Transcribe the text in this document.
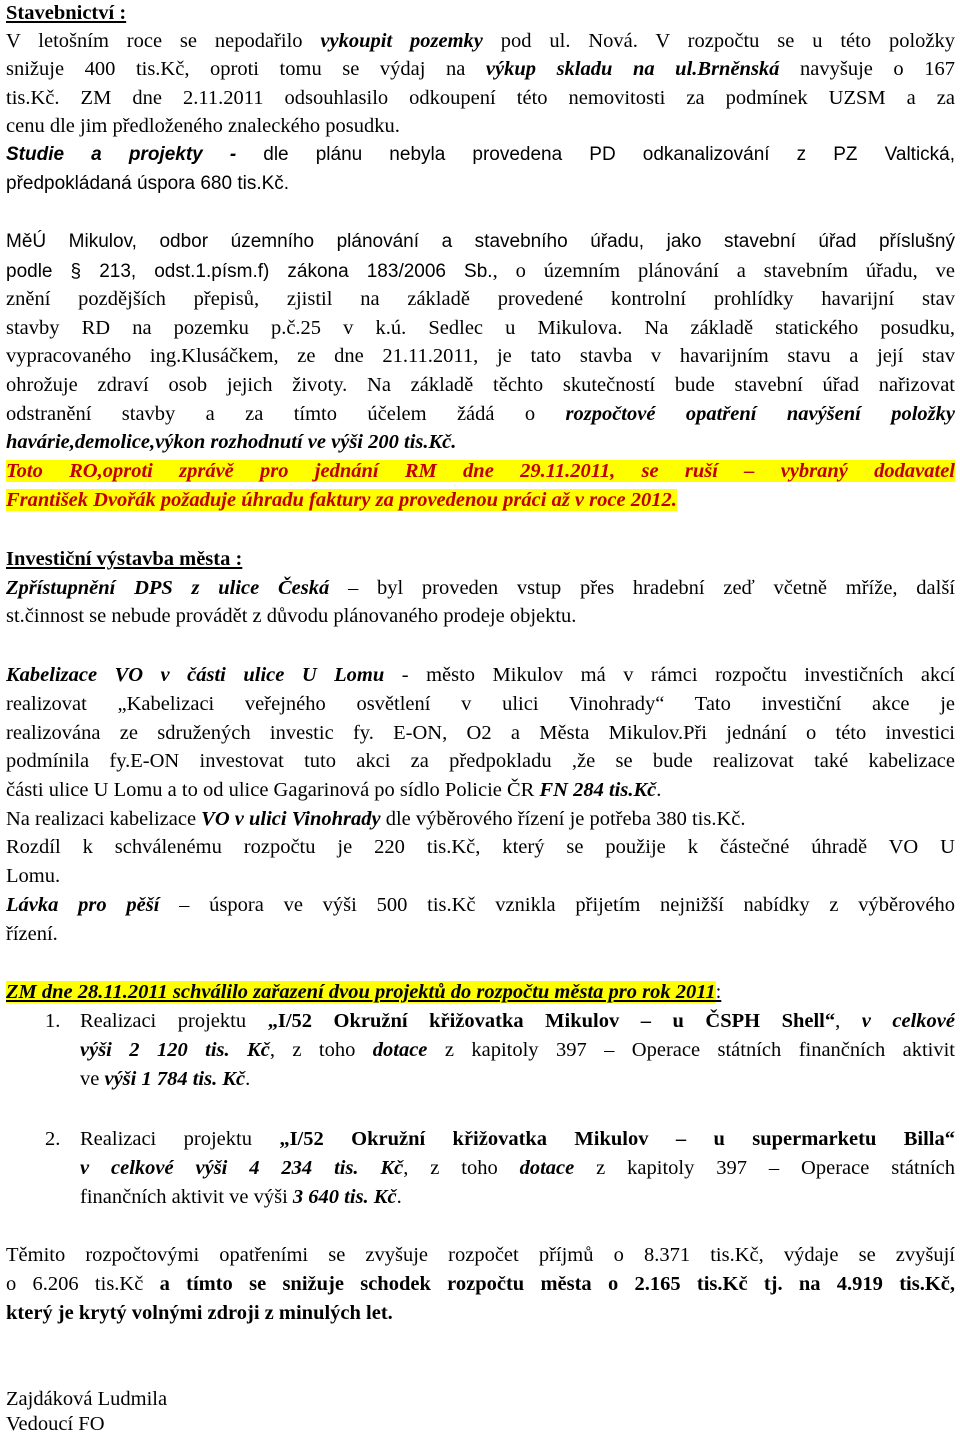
Stavebnictví :
V letošním roce se nepodařilo vykoupit pozemky pod ul. Nová. V rozpočtu se u této položky
snižuje 400 tis.Kč, oproti tomu se výdaj na výkup skladu na ul.Brněnská navyšuje o 167
tis.Kč. ZM dne 2.11.2011 odsouhlasilo odkoupení této nemovitosti za podmínek UZSM a za
cenu dle jim předloženého znaleckého posudku.
Studie a projekty - dle plánu nebyla provedena PD odkanalizování z PZ Valtická,
předpokládaná úspora 680 tis.Kč.
MěÚ Mikulov, odbor územního plánování a stavebního úřadu, jako stavební úřad příslušný
podle § 213, odst.1.písm.f) zákona 183/2006 Sb., o územním plánování a stavebním úřadu, ve
znění pozdějších přepisů, zjistil na základě provedené kontrolní prohlídky havarijní stav
stavby RD na pozemku p.č.25 v k.ú. Sedlec u Mikulova. Na základě statického posudku,
vypracovaného ing.Klusáčkem, ze dne 21.11.2011, je tato stavba v havarijním stavu a její stav
ohrožuje zdraví osob jejich životy. Na základě těchto skutečností bude stavební úřad nařizovat
odstranění stavby a za tímto účelem žádá o rozpočtové opatření navýšení položky
havárie,demolice,výkon rozhodnutí ve výši 200 tis.Kč.
Toto RO,oproti zprávě pro jednání RM dne 29.11.2011, se ruší – vybraný dodavatel
František Dvořák požaduje úhradu faktury za provedenou práci až v roce 2012.
Investiční výstavba města :
Zpřístupnění DPS z ulice Česká – byl proveden vstup přes hradební zeď včetně mříže, další
st.činnost se nebude provádět z důvodu plánovaného prodeje objektu.
Kabelizace VO v části ulice U Lomu - město Mikulov má v rámci rozpočtu investičních akcí
realizovat „Kabelizaci veřejného osvětlení v ulici Vinohrady“ Tato investiční akce je
realizována ze sdružených investic fy. E-ON, O2 a Města Mikulov.Při jednání o této investici
podmínila fy.E-ON investovat tuto akci za předpokladu ,že se bude realizovat také kabelizace
části ulice U Lomu a to od ulice Gagarinová po sídlo Policie ČR FN 284 tis.Kč.
Na realizaci kabelizace VO v ulici Vinohrady dle výběrového řízení je potřeba 380 tis.Kč.
Rozdíl k schválenému rozpočtu je 220 tis.Kč, který se použije k částečné úhradě VO U
Lomu.
Lávka pro pěší – úspora ve výši 500 tis.Kč vznikla přijetím nejnižší nabídky z výběrového
řízení.
ZM dne 28.11.2011 schválilo zařazení dvou projektů do rozpočtu města pro rok 2011:
1. Realizaci projektu „I/52 Okružní křižovatka Mikulov – u ČSPH Shell“, v celkové
výši 2 120 tis. Kč, z toho dotace z kapitoly 397 – Operace státních finančních aktivit
ve výši 1 784 tis. Kč.
2. Realizaci projektu „I/52 Okružní křižovatka Mikulov – u supermarketu Billa“
v celkové výši 4 234 tis. Kč, z toho dotace z kapitoly 397 – Operace státních
finančních aktivit ve výši 3 640 tis. Kč.
Těmito rozpočtovými opatřeními se zvyšuje rozpočet příjmů o 8.371 tis.Kč, výdaje se zvyšují
o 6.206 tis.Kč a tímto se snižuje schodek rozpočtu města o 2.165 tis.Kč tj. na 4.919 tis.Kč,
který je krytý volnými zdroji z minulých let.
Zajdáková Ludmila
Vedoucí FO
